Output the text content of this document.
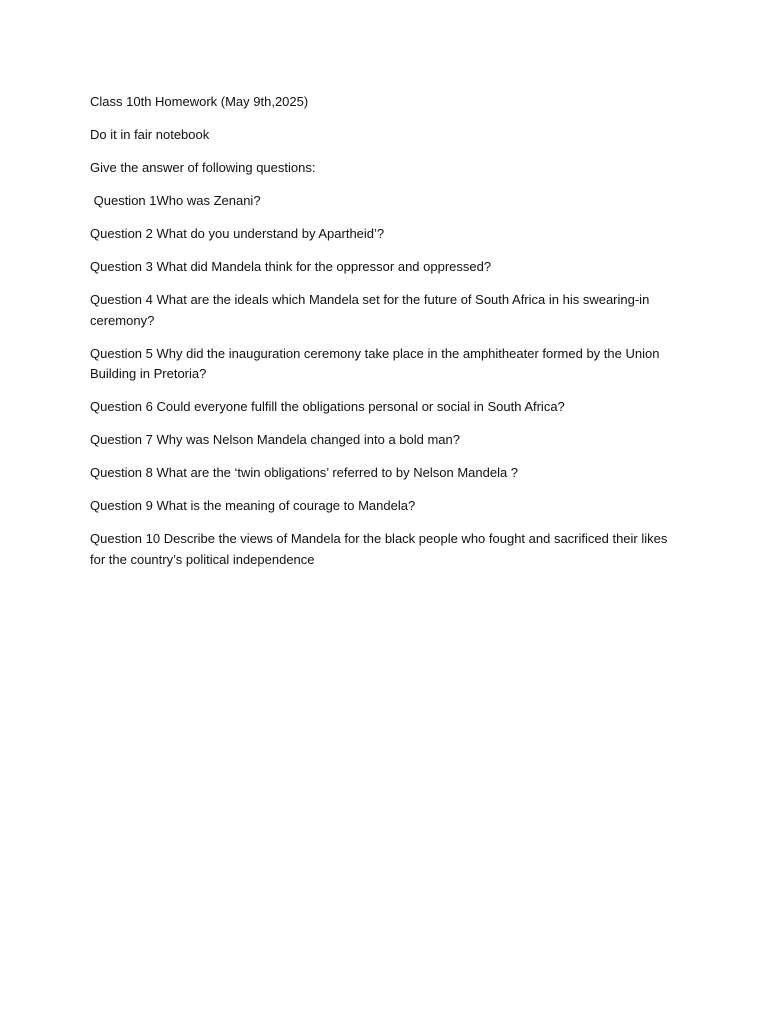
Class 10th Homework (May 9th,2025)

Do it in fair notebook

Give the answer of following questions:

Question 1Who was Zenani?

Question 2 What do you understand by Apartheid’?

Question 3 What did Mandela think for the oppressor and oppressed?

Question 4 What are the ideals which Mandela set for the future of South Africa in his swearing-in ceremony?

Question 5 Why did the inauguration ceremony take place in the amphitheater formed by the Union Building in Pretoria?

Question 6 Could everyone fulfill the obligations personal or social in South Africa?

Question 7 Why was Nelson Mandela changed into a bold man?

Question 8 What are the ‘twin obligations’ referred to by Nelson Mandela ?

Question 9 What is the meaning of courage to Mandela?

Question 10 Describe the views of Mandela for the black people who fought and sacrificed their likes for the country’s political independence
